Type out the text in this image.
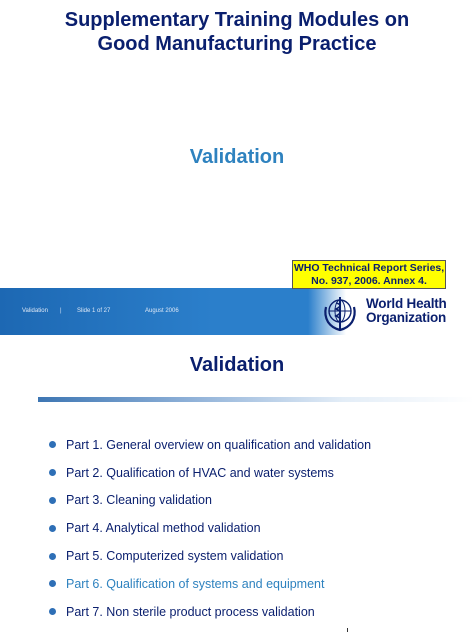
Supplementary Training Modules on
Good Manufacturing Practice
Validation
Validation |	Slide 1 of 27	August 2006
WHO Technical Report Series,
No. 937, 2006. Annex 4.
World Health
Organization
Validation
Part 1. General overview on qualification and validation
Part 2. Qualification of HVAC and water systems
Part 3. Cleaning validation
Part 4. Analytical method validation
Part 5. Computerized system validation
Part 6. Qualification of systems and equipment
Part 7. Non sterile product process validation
